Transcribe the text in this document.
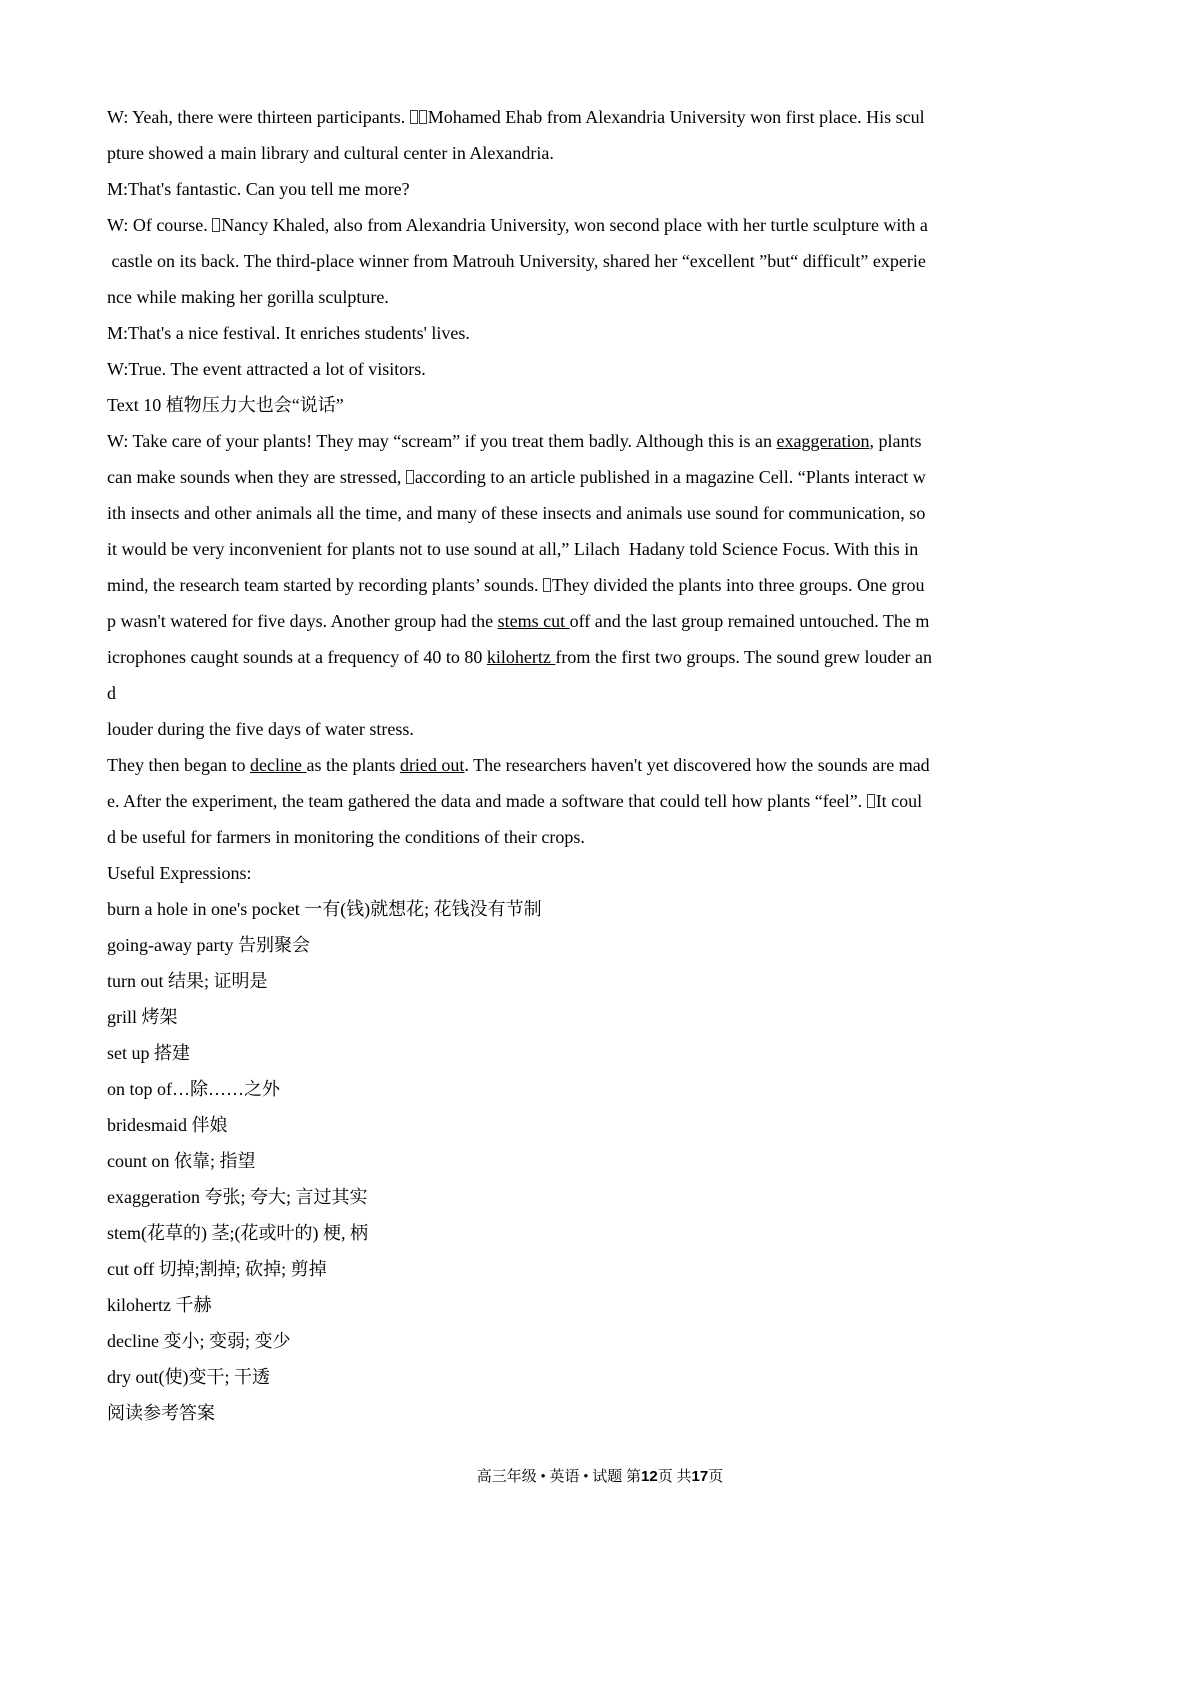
W: Yeah, there were thirteen participants. Mohamed Ehab from Alexandria University won first place. His scul
pture showed a main library and cultural center in Alexandria.
M:That's fantastic. Can you tell me more?
W: Of course. Nancy Khaled, also from Alexandria University, won second place with her turtle sculpture with a
castle on its back. The third-place winner from Matrouh University, shared her “excellent ”but“ difficult” experie
nce while making her gorilla sculpture.
M:That's a nice festival. It enriches students' lives.
W:True. The event attracted a lot of visitors.
Text 10 植物压力大也会“说话”
W: Take care of your plants! They may “scream” if you treat them badly. Although this is an exaggeration, plants
can make sounds when they are stressed, according to an article published in a magazine Cell. “Plants interact w
ith insects and other animals all the time, and many of these insects and animals use sound for communication, so
it would be very inconvenient for plants not to use sound at all,” Lilach  Hadany told Science Focus. With this in
mind, the research team started by recording plants’ sounds. They divided the plants into three groups. One grou
p wasn't watered for five days. Another group had the stems cut off and the last group remained untouched. The m
icrophones caught sounds at a frequency of 40 to 80 kilohertz from the first two groups. The sound grew louder an
d
louder during the five days of water stress.
They then began to decline as the plants dried out. The researchers haven't yet discovered how the sounds are mad
e. After the experiment, the team gathered the data and made a software that could tell how plants “feel”. It coul
d be useful for farmers in monitoring the conditions of their crops.
Useful Expressions:
burn a hole in one's pocket 一有(钱)就想花; 花钱没有节制
going-away party 告别聚会
turn out 结果; 证明是
grill 烤架
set up 搭建
on top of…除……之外
bridesmaid 伴娘
count on 依靠; 指望
exaggeration 夸张; 夸大; 言过其实
stem(花草的) 茎;(花或叶的) 梗, 柄
cut off 切掉;割掉; 砍掉; 剪掉
kilohertz 千赫
decline 变小; 变弱; 变少
dry out(使)变干; 干透
阅读参考答案
高三年级 • 英语 • 试题 第12页 共17页
